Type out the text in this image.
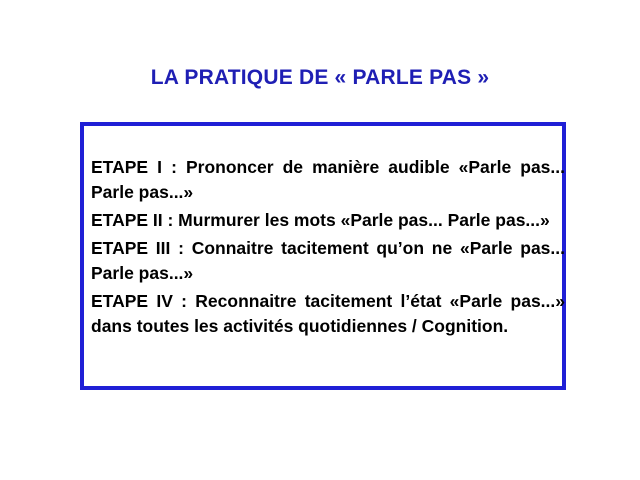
LA PRATIQUE DE « PARLE PAS »
ETAPE I : Prononcer de manière audible «Parle pas... Parle pas...»
ETAPE II : Murmurer les mots «Parle pas... Parle pas...»
ETAPE III : Connaitre tacitement qu’on ne «Parle pas... Parle pas...»
ETAPE IV : Reconnaitre tacitement l’état «Parle pas...» dans toutes les activités quotidiennes / Cognition.
